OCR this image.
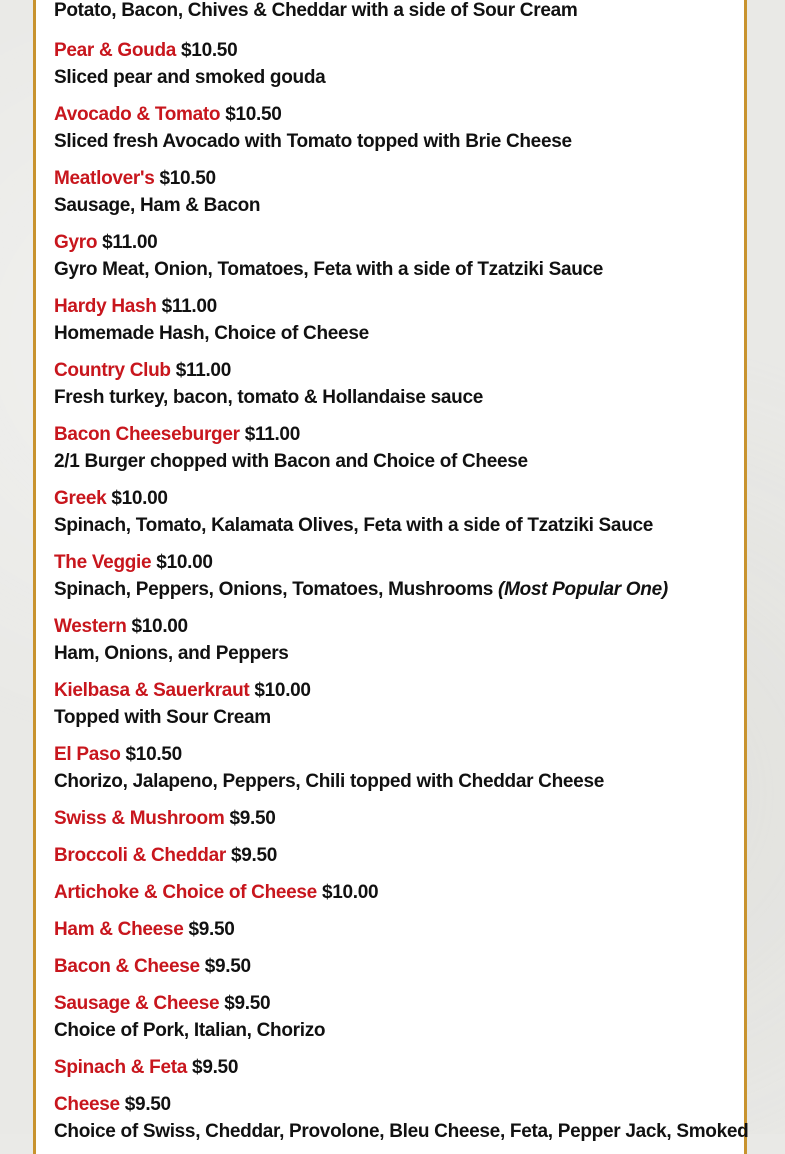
Potato, Bacon, Chives & Cheddar with a side of Sour Cream
Pear & Gouda $10.50
Sliced pear and smoked gouda
Avocado & Tomato $10.50
Sliced fresh Avocado with Tomato topped with Brie Cheese
Meatlover's $10.50
Sausage, Ham & Bacon
Gyro $11.00
Gyro Meat, Onion, Tomatoes, Feta with a side of Tzatziki Sauce
Hardy Hash $11.00
Homemade Hash, Choice of Cheese
Country Club $11.00
Fresh turkey, bacon, tomato & Hollandaise sauce
Bacon Cheeseburger $11.00
2/1 Burger chopped with Bacon and Choice of Cheese
Greek $10.00
Spinach, Tomato, Kalamata Olives, Feta with a side of Tzatziki Sauce
The Veggie $10.00
Spinach, Peppers, Onions, Tomatoes, Mushrooms (Most Popular One)
Western $10.00
Ham, Onions, and Peppers
Kielbasa & Sauerkraut $10.00
Topped with Sour Cream
El Paso $10.50
Chorizo, Jalapeno, Peppers, Chili topped with Cheddar Cheese
Swiss & Mushroom $9.50
Broccoli & Cheddar $9.50
Artichoke & Choice of Cheese $10.00
Ham & Cheese $9.50
Bacon & Cheese $9.50
Sausage & Cheese $9.50
Choice of Pork, Italian, Chorizo
Spinach & Feta $9.50
Cheese $9.50
Choice of Swiss, Cheddar, Provolone, Bleu Cheese, Feta, Pepper Jack, Smoked
